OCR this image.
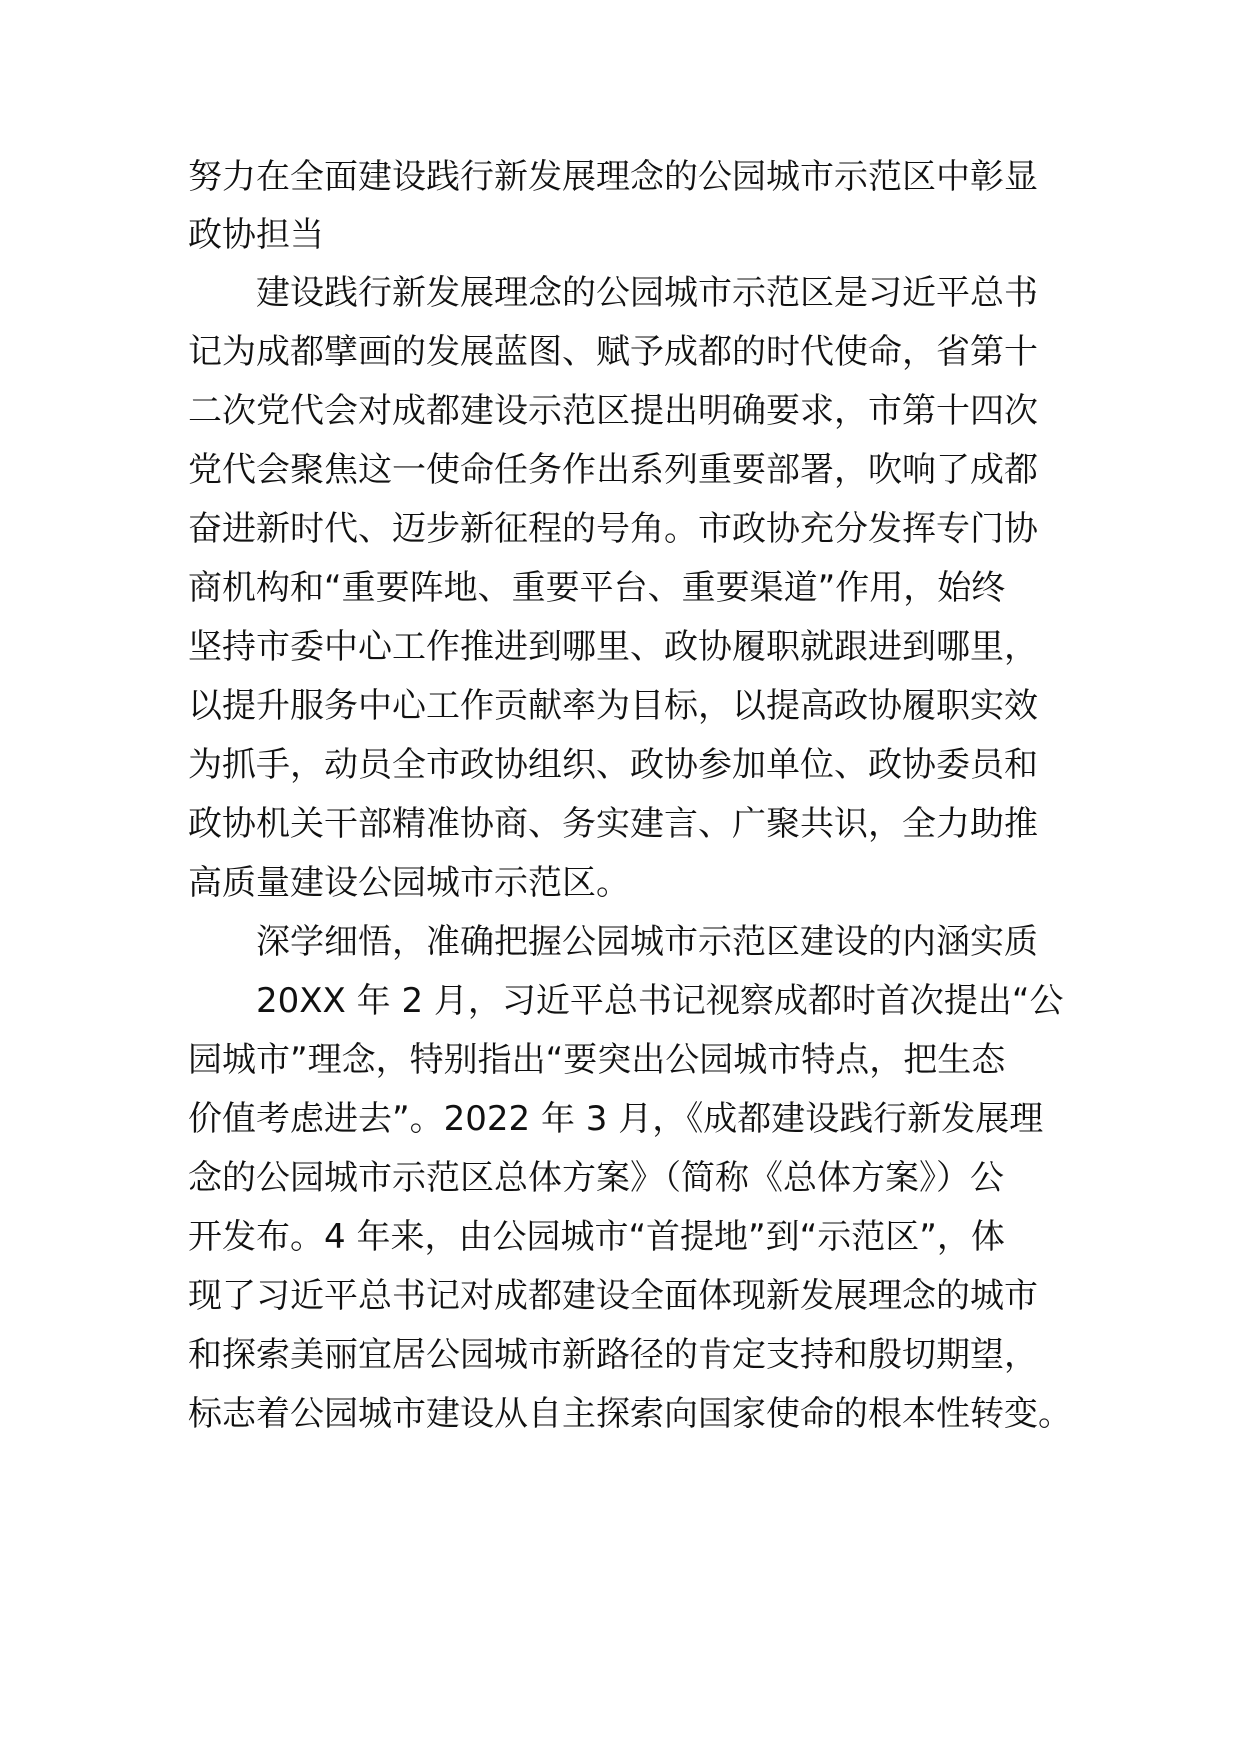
努力在全面建设践行新发展理念的公园城市示范区中彰显
政协担当
建设践行新发展理念的公园城市示范区是习近平总书
记为成都擘画的发展蓝图、赋予成都的时代使命，省第十
二次党代会对成都建设示范区提出明确要求，市第十四次
党代会聚焦这一使命任务作出系列重要部署，吹响了成都
奋进新时代、迈步新征程的号角。市政协充分发挥专门协
商机构和“重要阵地、重要平台、重要渠道”作用，始终
坚持市委中心工作推进到哪里、政协履职就跟进到哪里，
以提升服务中心工作贡献率为目标，以提高政协履职实效
为抓手，动员全市政协组织、政协参加单位、政协委员和
政协机关干部精准协商、务实建言、广聚共识，全力助推
高质量建设公园城市示范区。
深学细悟，准确把握公园城市示范区建设的内涵实质
20XX 年 2 月，习近平总书记视察成都时首次提出“公
园城市”理念，特别指出“要突出公园城市特点，把生态
价值考虑进去”。2022 年 3 月，《成都建设践行新发展理
念的公园城市示范区总体方案》（简称《总体方案》）公
开发布。4 年来，由公园城市“首提地”到“示范区”，体
现了习近平总书记对成都建设全面体现新发展理念的城市
和探索美丽宜居公园城市新路径的肯定支持和殷切期望，
标志着公园城市建设从自主探索向国家使命的根本性转变。
